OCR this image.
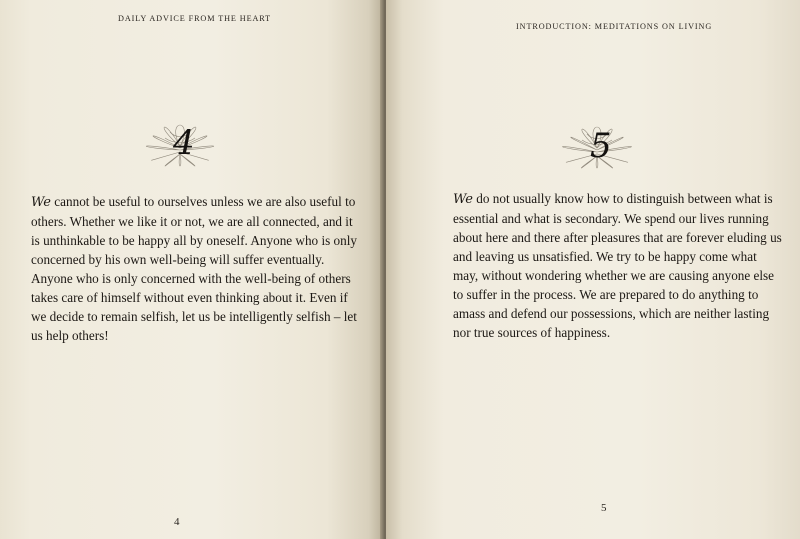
DAILY ADVICE FROM THE HEART
4
We cannot be useful to ourselves unless we are also useful to
others. Whether we like it or not, we are all connected, and it
is unthinkable to be happy all by oneself. Anyone who is only
concerned by his own well-being will suffer eventually.
Anyone who is only concerned with the well-being of others
takes care of himself without even thinking about it. Even if
we decide to remain selfish, let us be intelligently selfish – let
us help others!
4
INTRODUCTION: MEDITATIONS ON LIVING
5
We do not usually know how to distinguish between what is
essential and what is secondary. We spend our lives running
about here and there after pleasures that are forever eluding us
and leaving us unsatisfied. We try to be happy come what
may, without wondering whether we are causing anyone else
to suffer in the process. We are prepared to do anything to
amass and defend our possessions, which are neither lasting
nor true sources of happiness.
5
